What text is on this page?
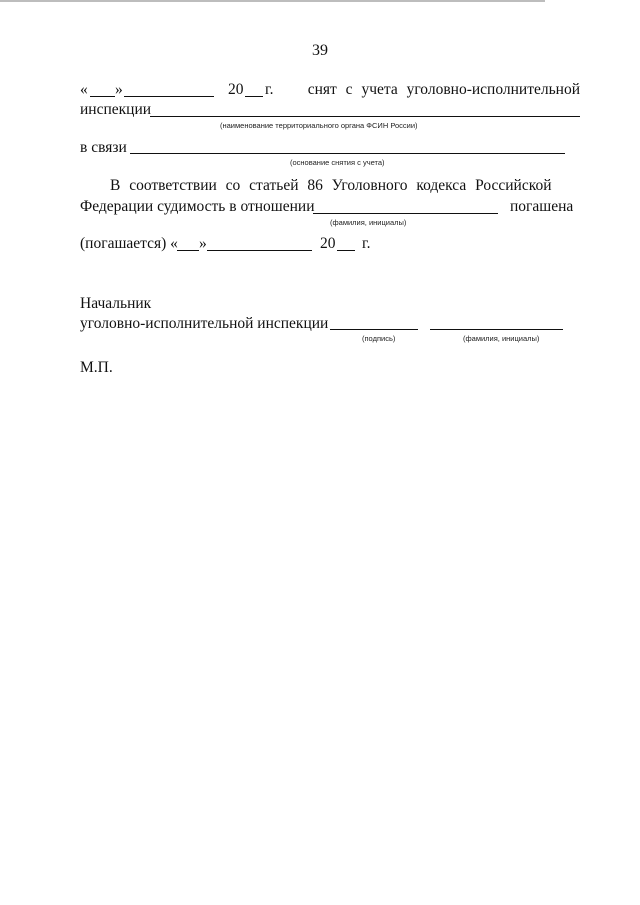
39
« »	20 г. снят с учета уголовно-исполнительной
инспекции
(наименование территориального органа ФСИН России)
в связи
(основание снятия с учета)
В соответствии со статьей 86 Уголовного кодекса Российской
Федерации судимость в отношении	погашена
(фамилия, инициалы)
(погашается) « »	20 г.
Начальник
уголовно-исполнительной инспекции
(подпись)	(фамилия, инициалы)
М.П.
